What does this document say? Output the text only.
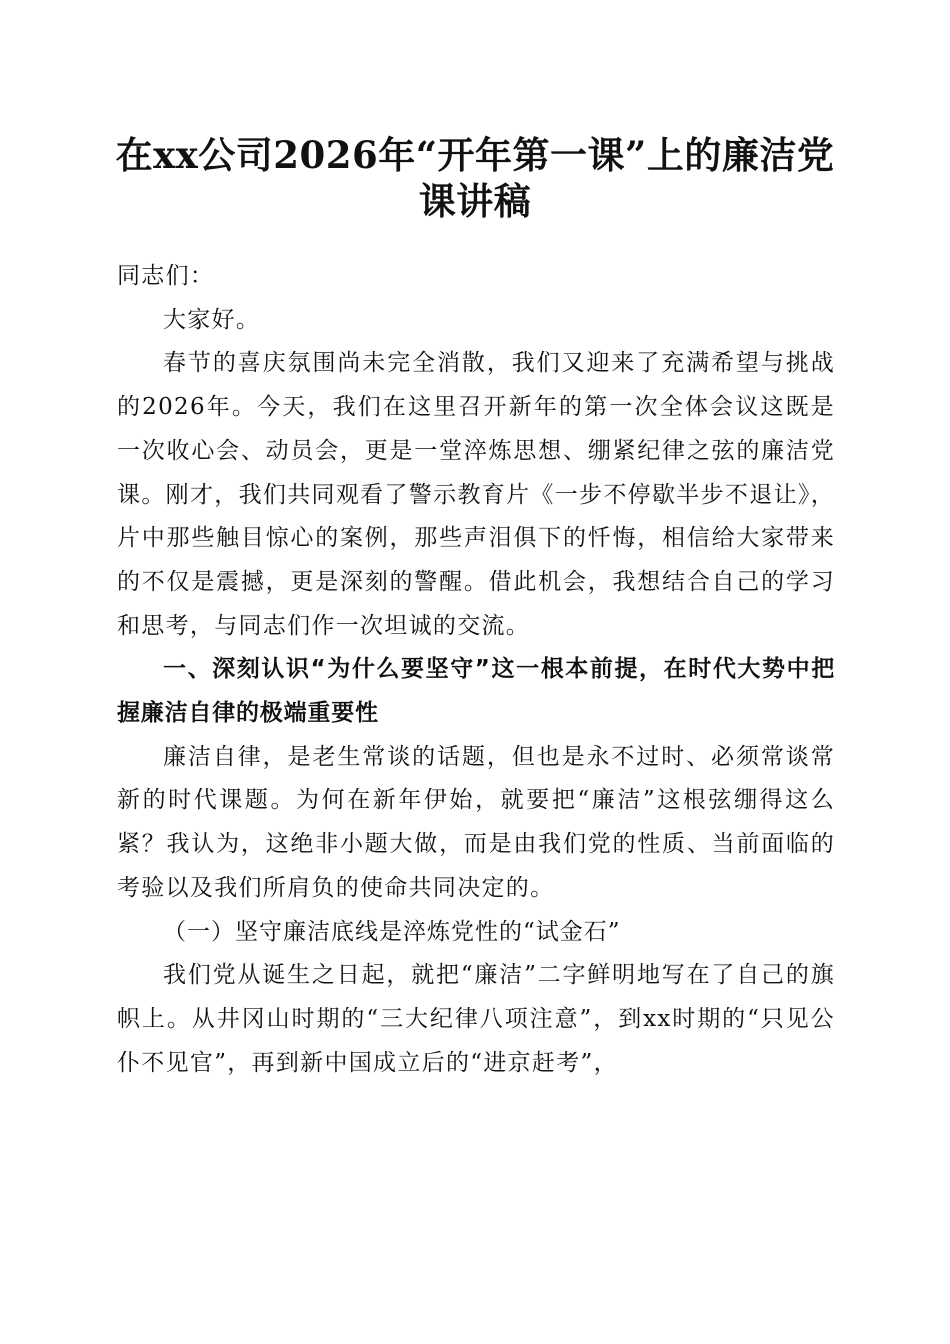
在xx公司2026年“开年第一课”上的廉洁党课讲稿

同志们：

大家好。

春节的喜庆氛围尚未完全消散，我们又迎来了充满希望与挑战的2026年。今天，我们在这里召开新年的第一次全体会议这既是一次收心会、动员会，更是一堂淬炼思想、绷紧纪律之弦的廉洁党课。刚才，我们共同观看了警示教育片《一步不停歇半步不退让》，片中那些触目惊心的案例，那些声泪俱下的忏悔，相信给大家带来的不仅是震撼，更是深刻的警醒。借此机会，我想结合自己的学习和思考，与同志们作一次坦诚的交流。

一、深刻认识“为什么要坚守”这一根本前提，在时代大势中把握廉洁自律的极端重要性

廉洁自律，是老生常谈的话题，但也是永不过时、必须常谈常新的时代课题。为何在新年伊始，就要把“廉洁”这根弦绷得这么紧？我认为，这绝非小题大做，而是由我们党的性质、当前面临的考验以及我们所肩负的使命共同决定的。

（一）坚守廉洁底线是淬炼党性的“试金石”

我们党从诞生之日起，就把“廉洁”二字鲜明地写在了自己的旗帜上。从井冈山时期的“三大纪律八项注意”，到xx时期的“只见公仆不见官”，再到新中国成立后的“进京赶考”，
